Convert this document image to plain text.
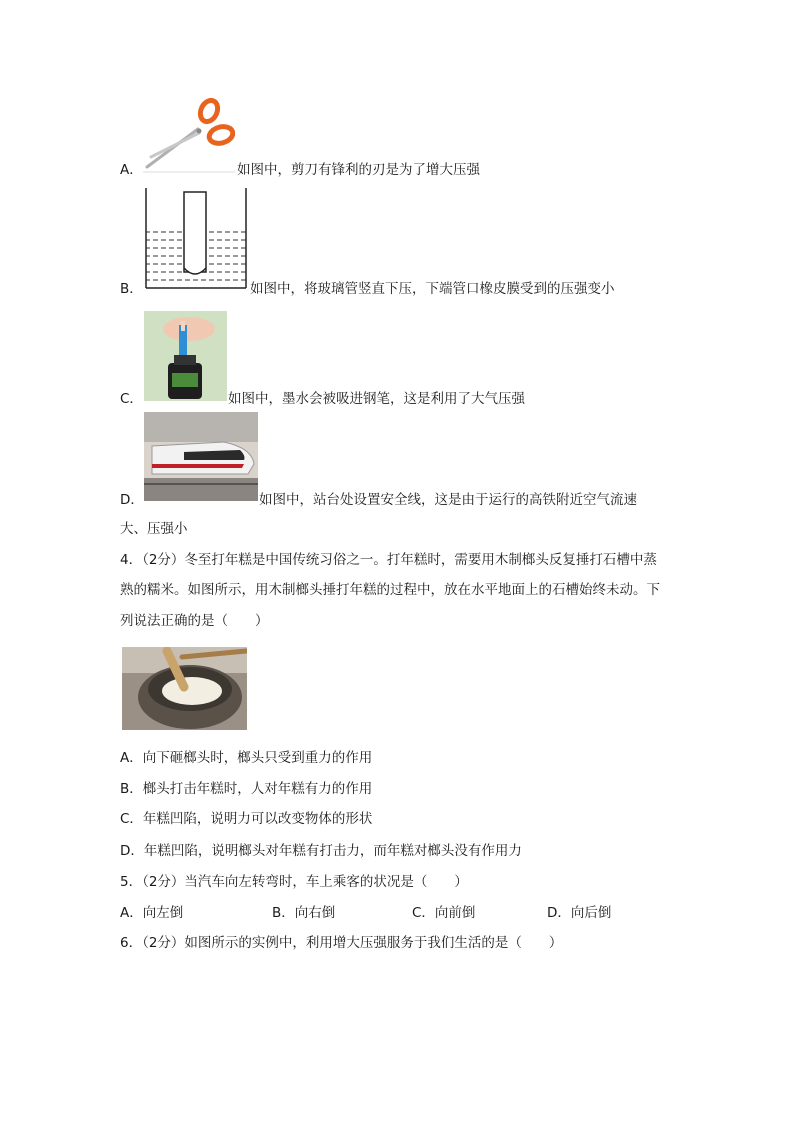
A．	如图中，剪刀有锋利的刃是为了增大压强
B．	如图中，将玻璃管竖直下压，下端管口橡皮膜受到的压强变小
C．	如图中，墨水会被吸进钢笔，这是利用了大气压强
D．	如图中，站台处设置安全线，这是由于运行的高铁附近空气流速
大、压强小
4．（2分）冬至打年糕是中国传统习俗之一。打年糕时，需要用木制榔头反复捶打石槽中蒸
熟的糯米。如图所示，用木制榔头捶打年糕的过程中，放在水平地面上的石槽始终未动。下
列说法正确的是（　　）
A．向下砸榔头时，榔头只受到重力的作用
B．榔头打击年糕时，人对年糕有力的作用
C．年糕凹陷，说明力可以改变物体的形状
D．年糕凹陷，说明榔头对年糕有打击力，而年糕对榔头没有作用力
5．（2分）当汽车向左转弯时，车上乘客的状况是（　　）
A．向左倒	B．向右倒	C．向前倒	D．向后倒
6．（2分）如图所示的实例中，利用增大压强服务于我们生活的是（　　）
